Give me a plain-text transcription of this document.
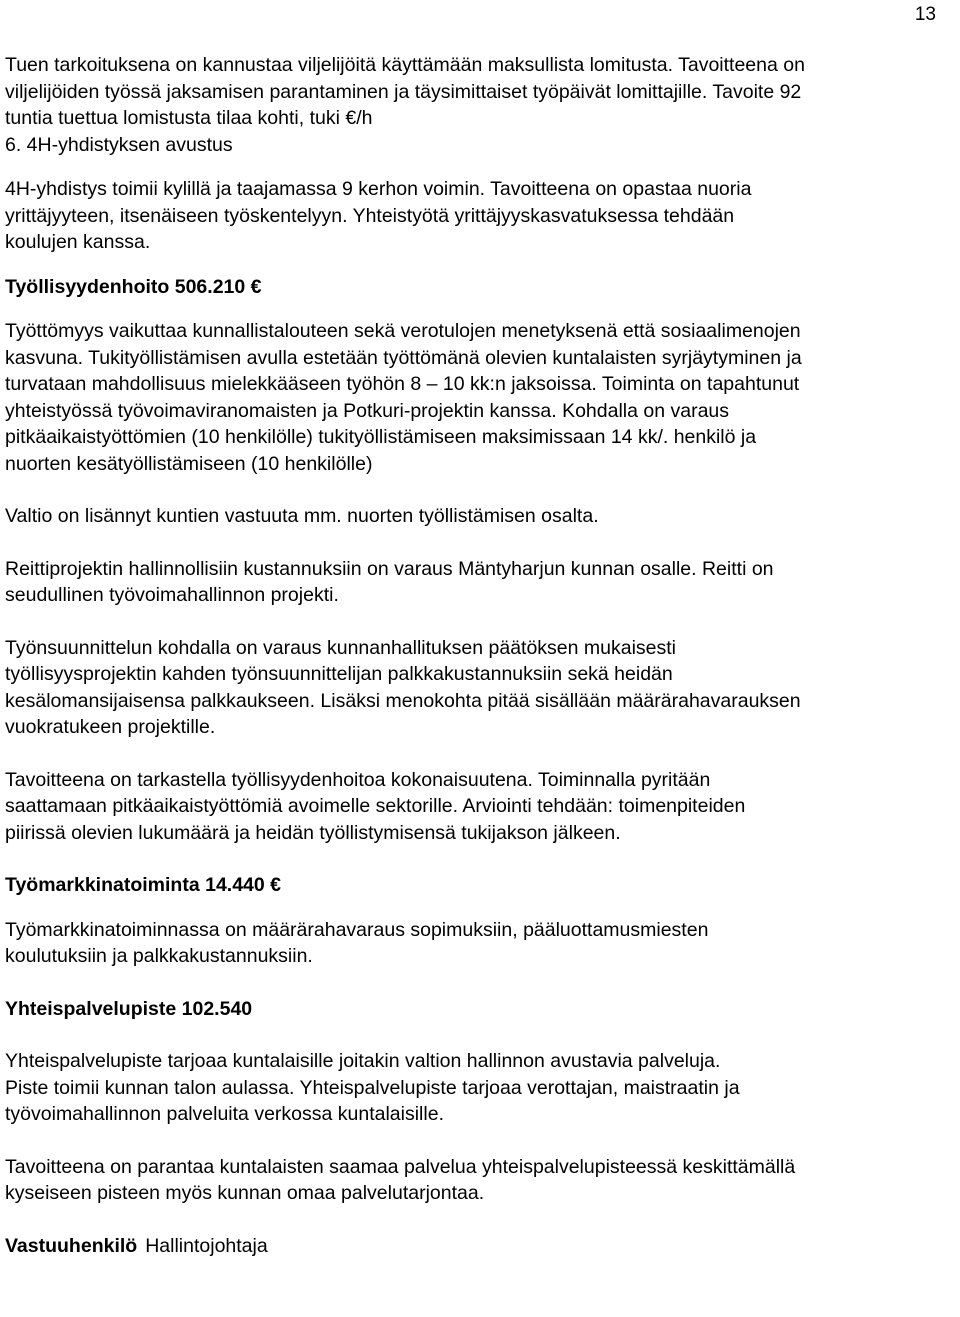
13
Tuen tarkoituksena on kannustaa viljelijöitä käyttämään maksullista lomitusta. Tavoitteena on
viljelijöiden työssä jaksamisen parantaminen ja täysimittaiset työpäivät lomittajille. Tavoite 92
tuntia tuettua lomistusta tilaa kohti, tuki €/h
6. 4H-yhdistyksen avustus
4H-yhdistys toimii kylillä ja taajamassa 9 kerhon voimin. Tavoitteena on opastaa nuoria
yrittäjyyteen, itsenäiseen työskentelyyn. Yhteistyötä yrittäjyyskasvatuksessa tehdään
koulujen kanssa.
Työllisyydenhoito 506.210 €
Työttömyys vaikuttaa kunnallistalouteen sekä verotulojen menetyksenä että sosiaalimenojen
kasvuna. Tukityöllistämisen avulla estetään työttömänä olevien kuntalaisten syrjäytyminen ja
turvataan mahdollisuus mielekkääseen työhön 8 – 10 kk:n jaksoissa. Toiminta on tapahtunut
yhteistyössä työvoimaviranomaisten ja Potkuri-projektin kanssa. Kohdalla on varaus
pitkäaikaistyöttömien (10 henkilölle) tukityöllistämiseen maksimissaan 14 kk/. henkilö ja
nuorten kesätyöllistämiseen (10 henkilölle)
Valtio on lisännyt kuntien vastuuta mm. nuorten työllistämisen osalta.
Reittiprojektin hallinnollisiin kustannuksiin on varaus Mäntyharjun kunnan osalle. Reitti on
seudullinen työvoimahallinnon projekti.
Työnsuunnittelun kohdalla on varaus kunnanhallituksen päätöksen mukaisesti
työllisyysprojektin kahden työnsuunnittelijan palkkakustannuksiin sekä heidän
kesälomansijaisensa palkkaukseen. Lisäksi menokohta pitää sisällään määrärahavarauksen
vuokratukeen projektille.
Tavoitteena on tarkastella työllisyydenhoitoa kokonaisuutena. Toiminnalla pyritään
saattamaan pitkäaikaistyöttömiä avoimelle sektorille. Arviointi tehdään: toimenpiteiden
piirissä olevien lukumäärä ja heidän työllistymisensä tukijakson jälkeen.
Työmarkkinatoiminta 14.440 €
Työmarkkinatoiminnassa on määrärahavaraus sopimuksiin, pääluottamusmiesten
koulutuksiin ja palkkakustannuksiin.
Yhteispalvelupiste 102.540
Yhteispalvelupiste tarjoaa kuntalaisille joitakin valtion hallinnon avustavia palveluja.
Piste toimii kunnan talon aulassa. Yhteispalvelupiste tarjoaa verottajan, maistraatin ja
työvoimahallinnon palveluita verkossa kuntalaisille.
Tavoitteena on parantaa kuntalaisten saamaa palvelua yhteispalvelupisteessä keskittämällä
kyseiseen pisteen myös kunnan omaa palvelutarjontaa.
Vastuuhenkilö Hallintojohtaja
